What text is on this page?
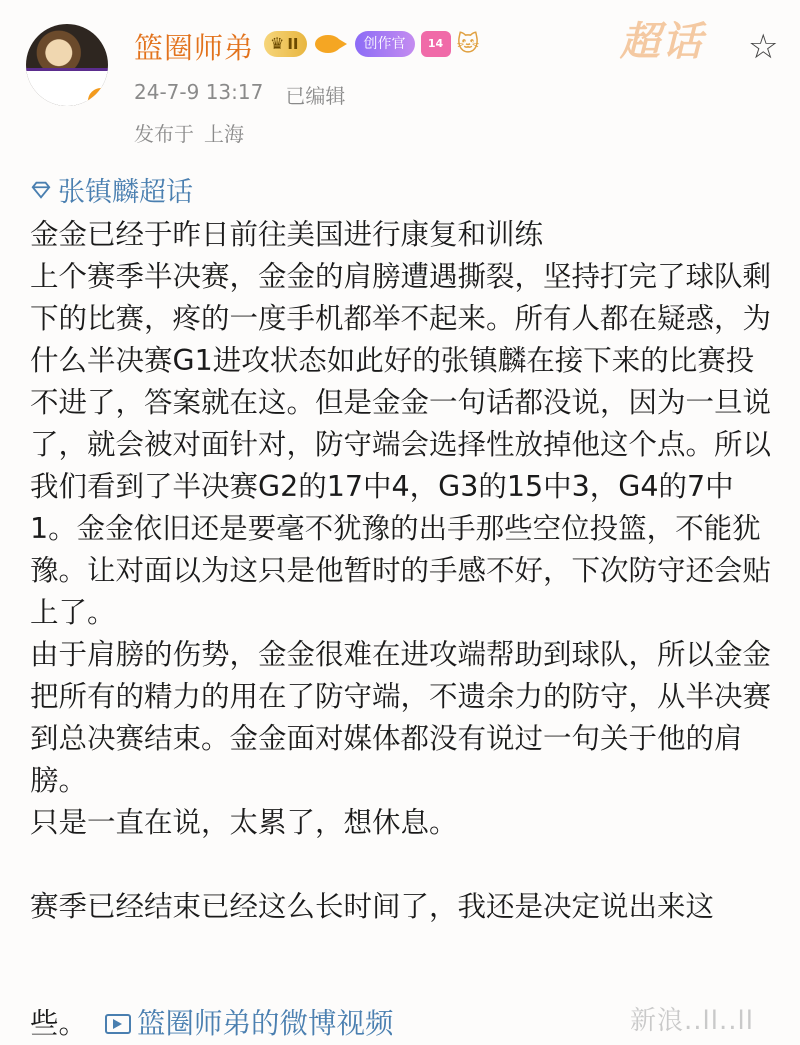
V
篮圈师弟 ♛ II	创作官	14 🐱	超话 ☆
24-7-9 13:17 已编辑
发布于 上海
张镇麟超话

金金已经于昨日前往美国进行康复和训练

上个赛季半决赛，金金的肩膀遭遇撕裂，坚持打完了球队剩下的比赛，疼的一度手机都举不起来。所有人都在疑惑，为什么半决赛G1进攻状态如此好的张镇麟在接下来的比赛投不进了，答案就在这。但是金金一句话都没说，因为一旦说了，就会被对面针对，防守端会选择性放掉他这个点。所以我们看到了半决赛G2的17中4，G3的15中3，G4的7中1。金金依旧还是要毫不犹豫的出手那些空位投篮，不能犹豫。让对面以为这只是他暂时的手感不好，下次防守还会贴上了。

由于肩膀的伤势，金金很难在进攻端帮助到球队，所以金金把所有的精力的用在了防守端，不遗余力的防守，从半决赛到总决赛结束。金金面对媒体都没有说过一句关于他的肩膀。

只是一直在说，太累了，想休息。

赛季已经结束已经这么长时间了，我还是决定说出来这

些。 篮圈师弟的微博视频	新浪..ll..ll
